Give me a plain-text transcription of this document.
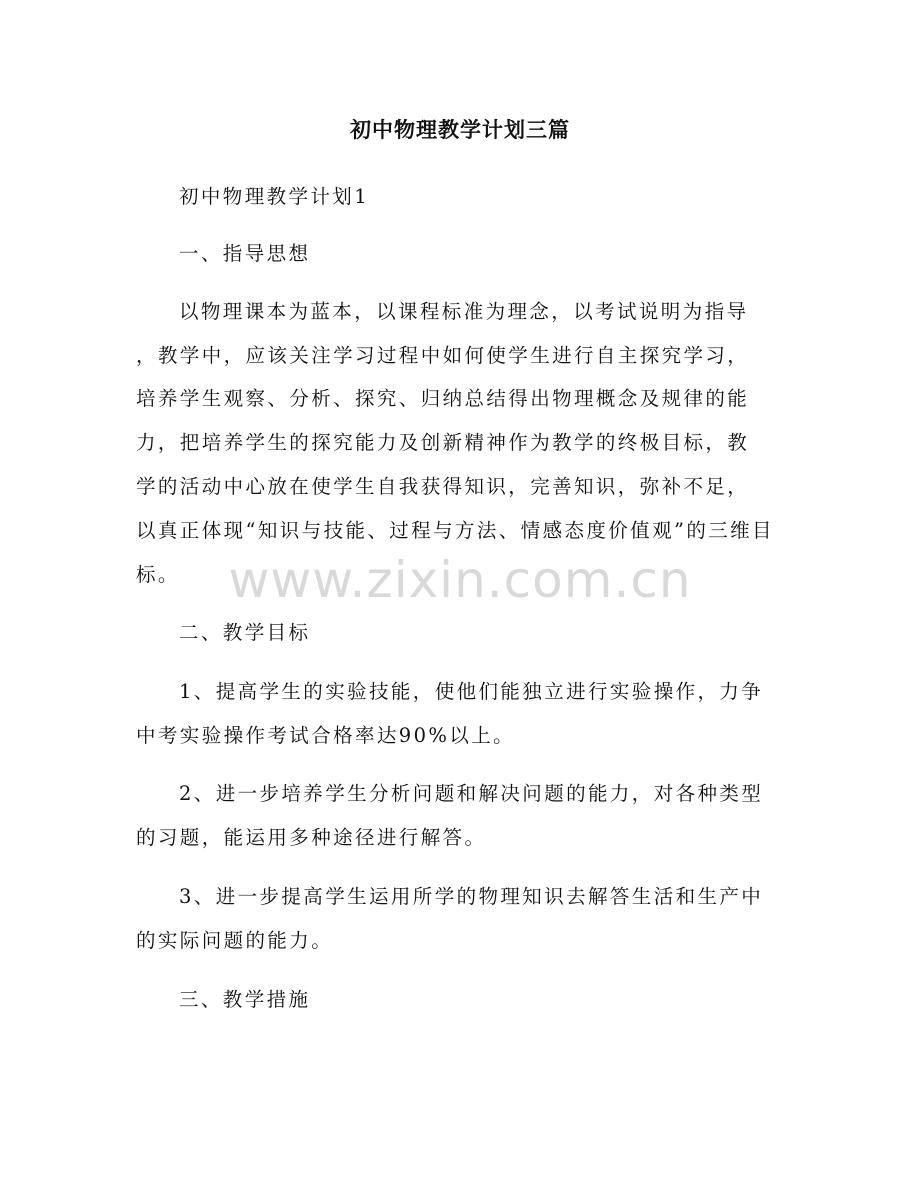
初中物理教学计划三篇
初中物理教学计划1
一、指导思想
以物理课本为蓝本，以课程标准为理念，以考试说明为指导
，教学中，应该关注学习过程中如何使学生进行自主探究学习，
培养学生观察、分析、探究、归纳总结得出物理概念及规律的能
力，把培养学生的探究能力及创新精神作为教学的终极目标，教
学的活动中心放在使学生自我获得知识，完善知识，弥补不足，
以真正体现“知识与技能、过程与方法、情感态度价值观”的三维目
标。
二、教学目标
1、提高学生的实验技能，使他们能独立进行实验操作，力争
中考实验操作考试合格率达90%以上。
2、进一步培养学生分析问题和解决问题的能力，对各种类型
的习题，能运用多种途径进行解答。
3、进一步提高学生运用所学的物理知识去解答生活和生产中
的实际问题的能力。
三、教学措施
www.zixin.com.cn
